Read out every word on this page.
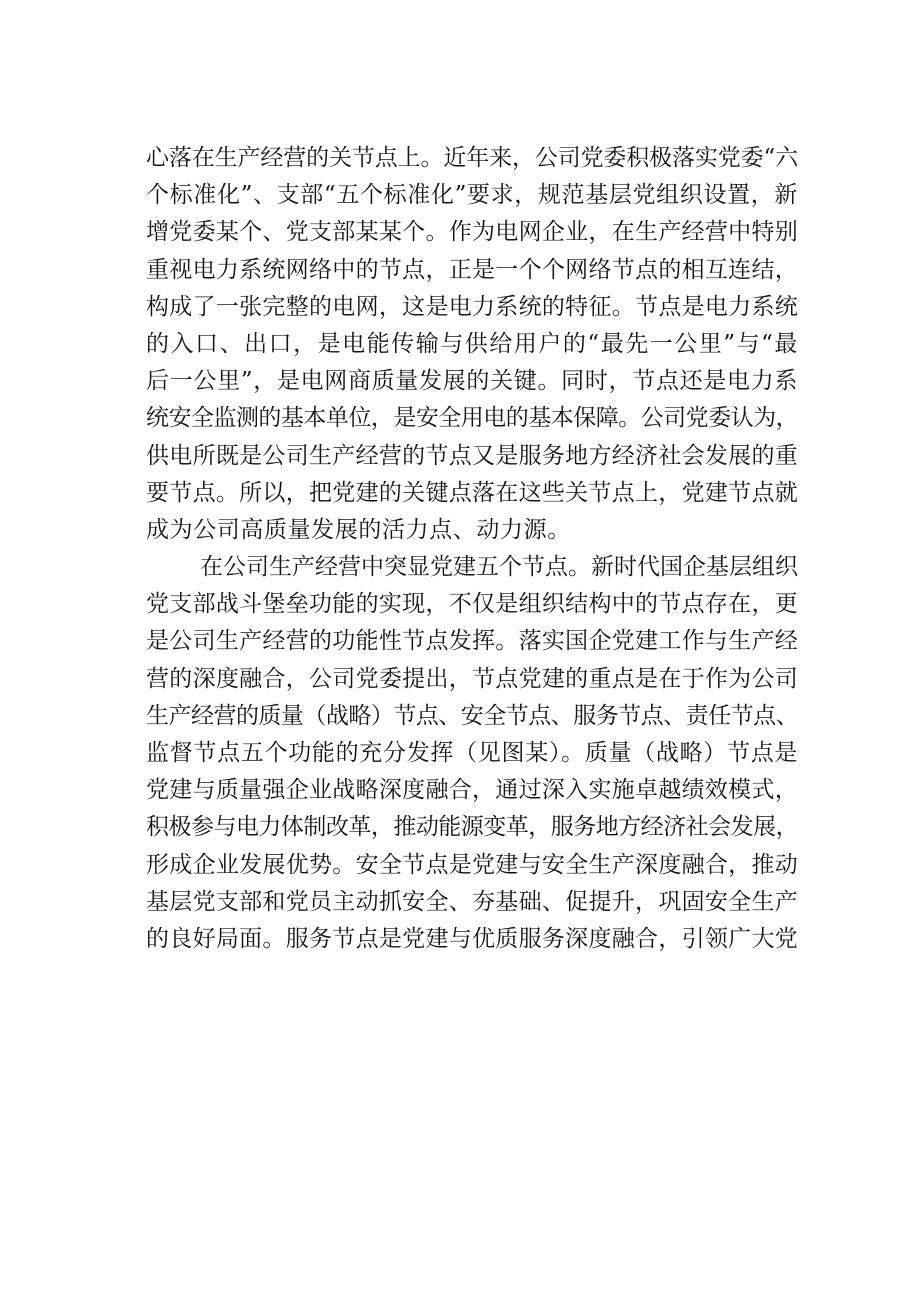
心落在生产经营的关节点上。近年来，公司党委积极落实党委“六
个标准化”、支部“五个标准化”要求，规范基层党组织设置，新
增党委某个、党支部某某个。作为电网企业，在生产经营中特别
重视电力系统网络中的节点，正是一个个网络节点的相互连结，
构成了一张完整的电网，这是电力系统的特征。节点是电力系统
的入口、出口，是电能传输与供给用户的“最先一公里”与“最
后一公里”，是电网商质量发展的关键。同时，节点还是电力系
统安全监测的基本单位，是安全用电的基本保障。公司党委认为，
供电所既是公司生产经营的节点又是服务地方经济社会发展的重
要节点。所以，把党建的关键点落在这些关节点上，党建节点就
成为公司高质量发展的活力点、动力源。
在公司生产经营中突显党建五个节点。新时代国企基层组织
党支部战斗堡垒功能的实现，不仅是组织结构中的节点存在，更
是公司生产经营的功能性节点发挥。落实国企党建工作与生产经
营的深度融合，公司党委提出，节点党建的重点是在于作为公司
生产经营的质量（战略）节点、安全节点、服务节点、责任节点、
监督节点五个功能的充分发挥（见图某）。质量（战略）节点是
党建与质量强企业战略深度融合，通过深入实施卓越绩效模式，
积极参与电力体制改革，推动能源变革，服务地方经济社会发展，
形成企业发展优势。安全节点是党建与安全生产深度融合，推动
基层党支部和党员主动抓安全、夯基础、促提升，巩固安全生产
的良好局面。服务节点是党建与优质服务深度融合，引领广大党
